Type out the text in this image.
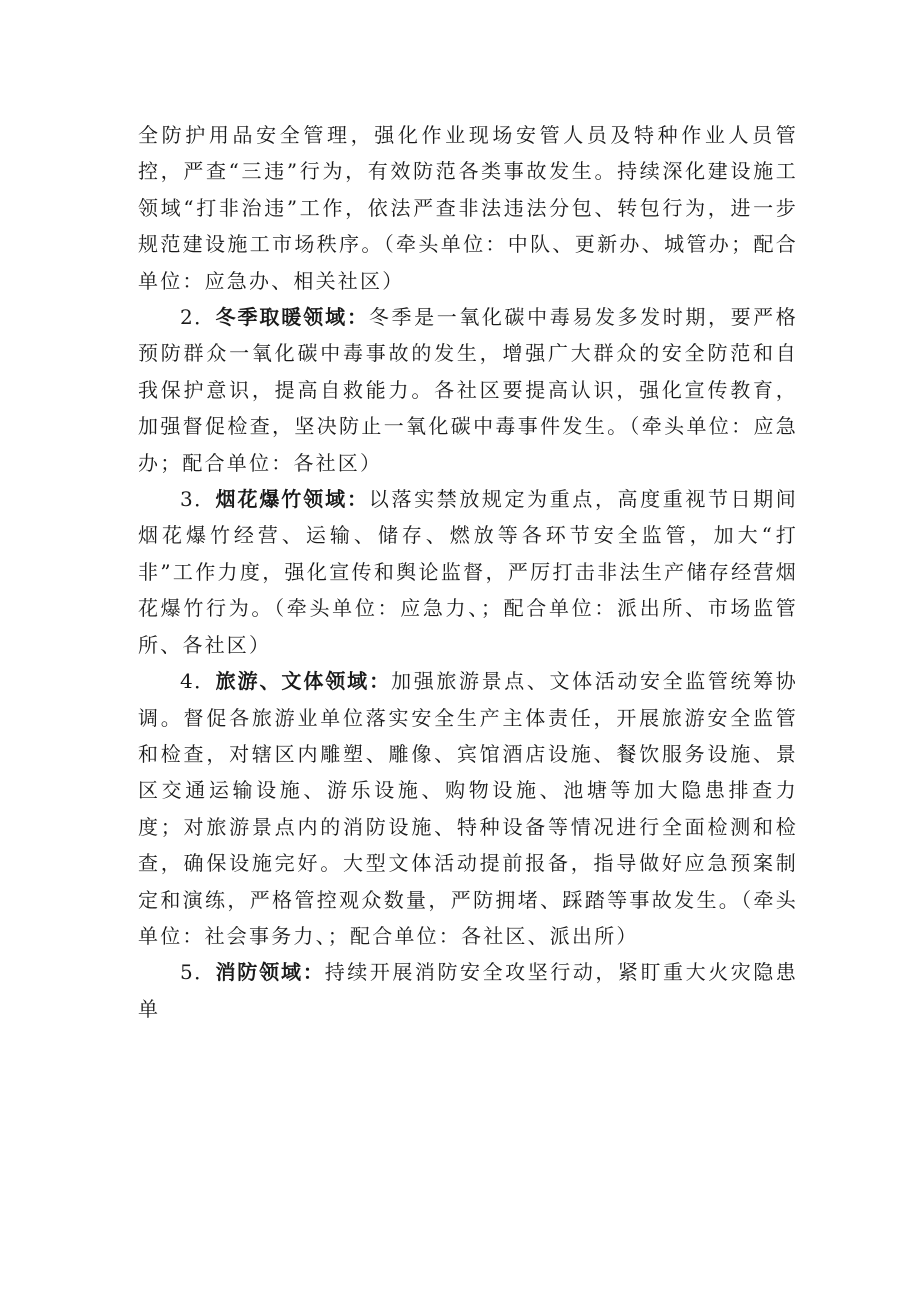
全防护用品安全管理，强化作业现场安管人员及特种作业人员管控，严查“三违”行为，有效防范各类事故发生。持续深化建设施工领域“打非治违”工作，依法严查非法违法分包、转包行为，进一步规范建设施工市场秩序。（牵头单位：中队、更新办、城管办；配合单位：应急办、相关社区）

2．冬季取暖领域：冬季是一氧化碳中毒易发多发时期，要严格预防群众一氧化碳中毒事故的发生，增强广大群众的安全防范和自我保护意识，提高自救能力。各社区要提高认识，强化宣传教育，加强督促检查，坚决防止一氧化碳中毒事件发生。（牵头单位：应急办；配合单位：各社区）

3．烟花爆竹领域：以落实禁放规定为重点，高度重视节日期间烟花爆竹经营、运输、储存、燃放等各环节安全监管，加大“打非”工作力度，强化宣传和舆论监督，严厉打击非法生产储存经营烟花爆竹行为。（牵头单位：应急力、；配合单位：派出所、市场监管所、各社区）

4．旅游、文体领域：加强旅游景点、文体活动安全监管统筹协调。督促各旅游业单位落实安全生产主体责任，开展旅游安全监管和检查，对辖区内雕塑、雕像、宾馆酒店设施、餐饮服务设施、景区交通运输设施、游乐设施、购物设施、池塘等加大隐患排查力度；对旅游景点内的消防设施、特种设备等情况进行全面检测和检查，确保设施完好。大型文体活动提前报备，指导做好应急预案制定和演练，严格管控观众数量，严防拥堵、踩踏等事故发生。（牵头单位：社会事务力、；配合单位：各社区、派出所）

5．消防领域：持续开展消防安全攻坚行动，紧盯重大火灾隐患单
